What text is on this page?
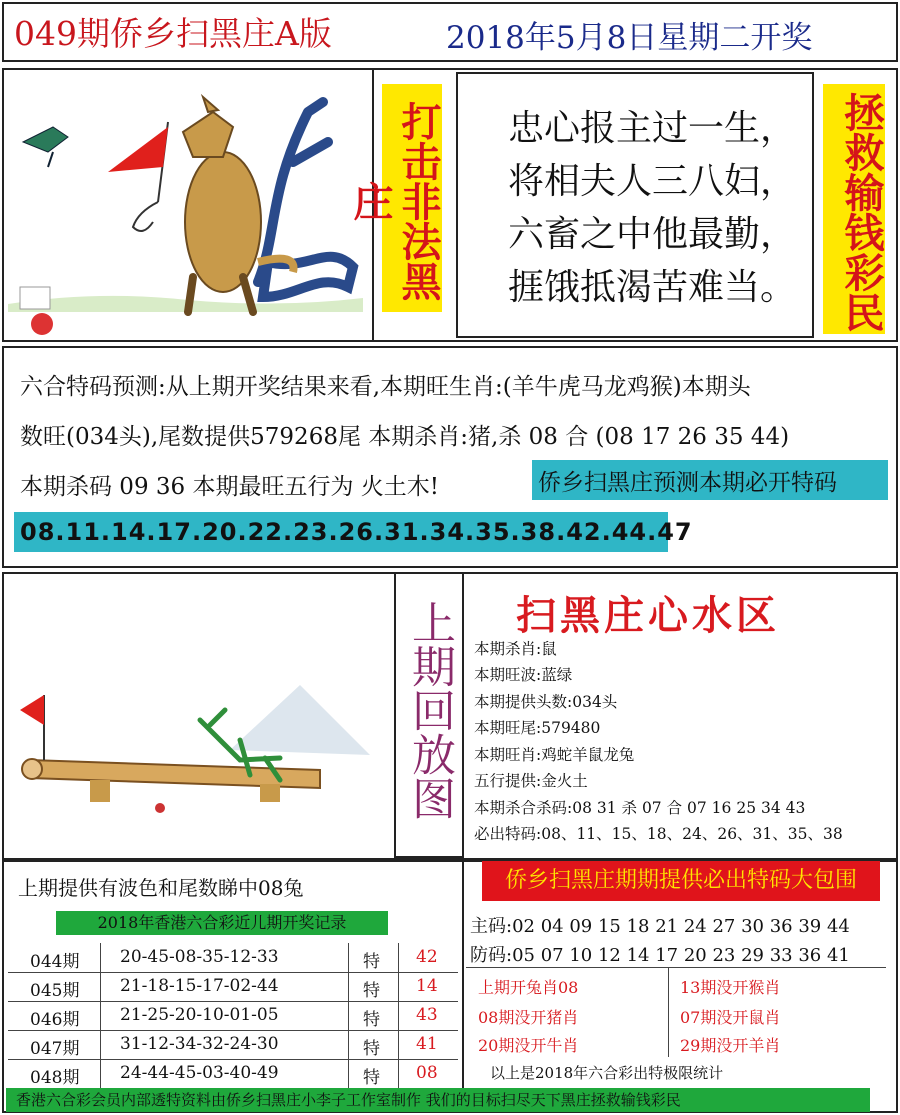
049期侨乡扫黑庄A版	2018年5月8日星期二开奖
打击非法黑庄
忠心报主过一生，
将相夫人三八妇，
六畜之中他最勤，
捱饿抵渴苦难当。	拯救输钱彩民
六合特码预测:从上期开奖结果来看,本期旺生肖:(羊牛虎马龙鸡猴)本期头
数旺(034头),尾数提供579268尾 本期杀肖:猪,杀 08 合 (08 17 26 35 44)
本期杀码 09 36 本期最旺五行为 火土木!	侨乡扫黑庄预测本期必开特码
08.11.14.17.20.22.23.26.31.34.35.38.42.44.47
上期回放图 扫黑庄心水区
本期杀肖:鼠
本期旺波:蓝绿
本期提供头数:034头
本期旺尾:579480
本期旺肖:鸡蛇羊鼠龙兔
五行提供:金火土
本期杀合杀码:08 31 杀 07 合 07 16 25 34 43
必出特码:08、11、15、18、24、26、31、35、38
上期提供有波色和尾数睇中08兔	侨乡扫黑庄期期提供必出特码大包围
2018年香港六合彩近儿期开奖记录	主码:02 04 09 15 18 21 24 27 30 36 39 44
防码:05 07 10 12 14 17 20 23 29 33 36 41
044期 20-45-08-35-12-33	特 42
045期 21-18-15-17-02-44	特 14
046期 21-25-20-10-01-05	特 43
047期 31-12-34-32-24-30	特 41
048期 24-44-45-03-40-49	特 08
上期开兔肖08	13期没开猴肖
08期没开猪肖	07期没开鼠肖
20期没开牛肖	29期没开羊肖
以上是2018年六合彩出特极限统计
香港六合彩会员内部透特资料由侨乡扫黑庄小李子工作室制作 我们的目标扫尽天下黑庄拯救输钱彩民
